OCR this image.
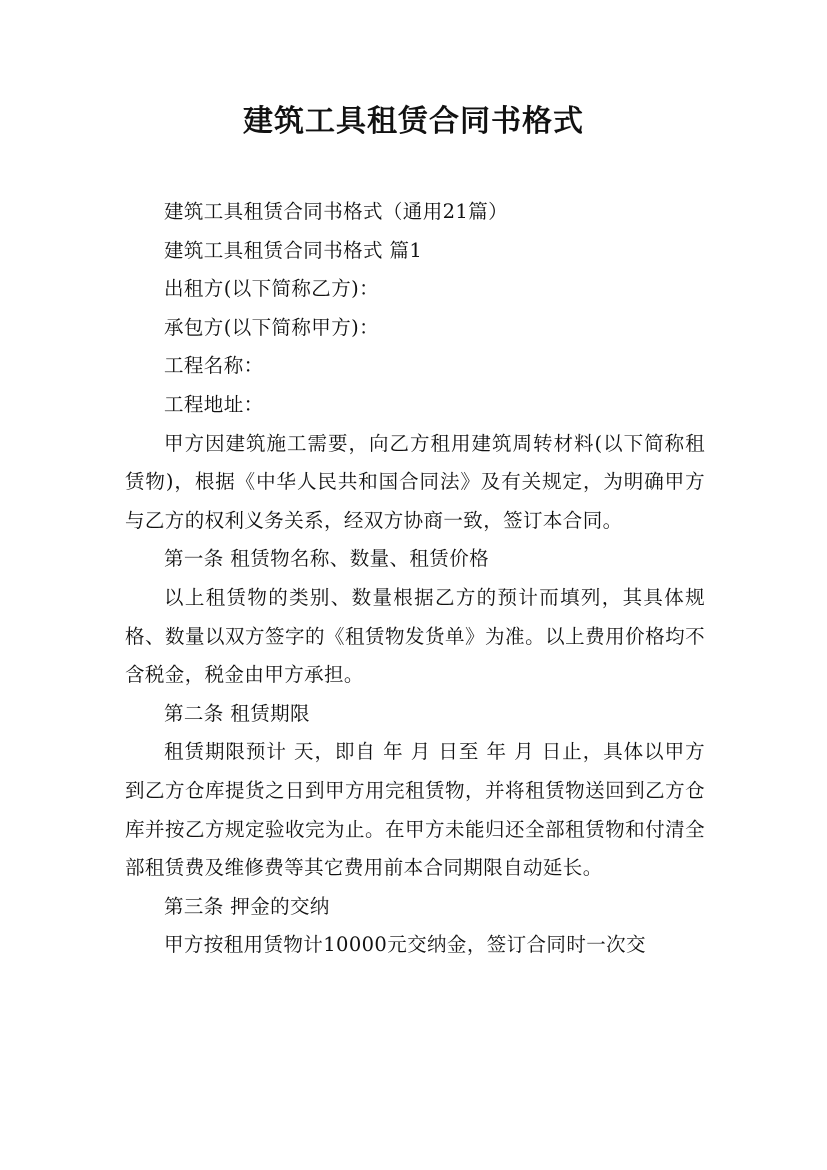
建筑工具租赁合同书格式

建筑工具租赁合同书格式（通用21篇）

建筑工具租赁合同书格式 篇1

出租方(以下简称乙方)：

承包方(以下简称甲方)：

工程名称：

工程地址：

甲方因建筑施工需要，向乙方租用建筑周转材料(以下简称租赁物)，根据《中华人民共和国合同法》及有关规定，为明确甲方与乙方的权利义务关系，经双方协商一致，签订本合同。

第一条 租赁物名称、数量、租赁价格

以上租赁物的类别、数量根据乙方的预计而填列，其具体规格、数量以双方签字的《租赁物发货单》为准。以上费用价格均不含税金，税金由甲方承担。

第二条 租赁期限

租赁期限预计 天，即自 年 月 日至 年 月 日止，具体以甲方到乙方仓库提货之日到甲方用完租赁物，并将租赁物送回到乙方仓库并按乙方规定验收完为止。在甲方未能归还全部租赁物和付清全部租赁费及维修费等其它费用前本合同期限自动延长。

第三条 押金的交纳

甲方按租用赁物计10000元交纳金，签订合同时一次交
